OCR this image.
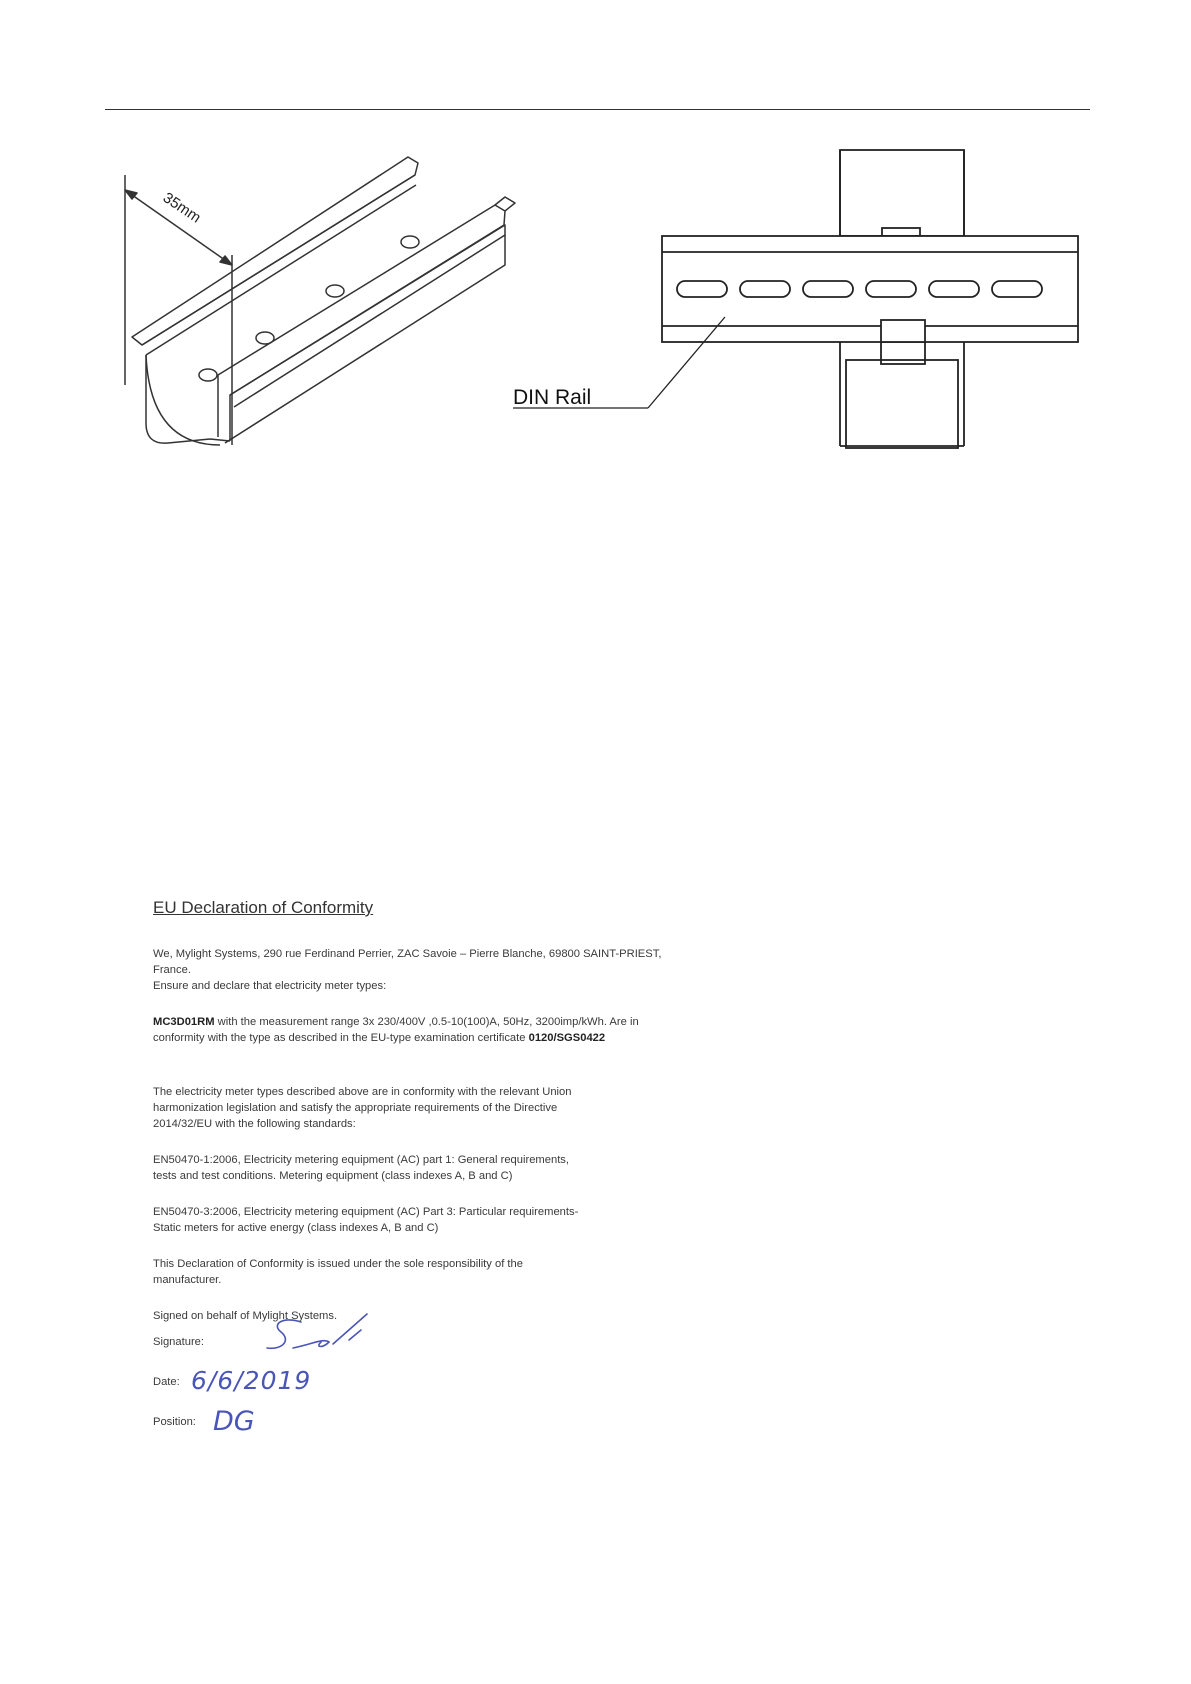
35mm
DIN Rail
EU Declaration of Conformity

We, Mylight Systems, 290 rue Ferdinand Perrier, ZAC Savoie – Pierre Blanche, 69800 SAINT-PRIEST,

France.

Ensure and declare that electricity meter types:

MC3D01RM with the measurement range 3x 230/400V ,0.5-10(100)A, 50Hz, 3200imp/kWh. Are in

conformity with the type as described in the EU-type examination certificate 0120/SGS0422

The electricity meter types described above are in conformity with the relevant Union

harmonization legislation and satisfy the appropriate requirements of the Directive

2014/32/EU with the following standards:

EN50470-1:2006, Electricity metering equipment (AC) part 1: General requirements,

tests and test conditions. Metering equipment (class indexes A, B and C)

EN50470-3:2006, Electricity metering equipment (AC) Part 3: Particular requirements-

Static meters for active energy (class indexes A, B and C)

This Declaration of Conformity is issued under the sole responsibility of the

manufacturer.

Signed on behalf of Mylight Systems.

Signature:
Date: 6/6/2019
Position: DG
